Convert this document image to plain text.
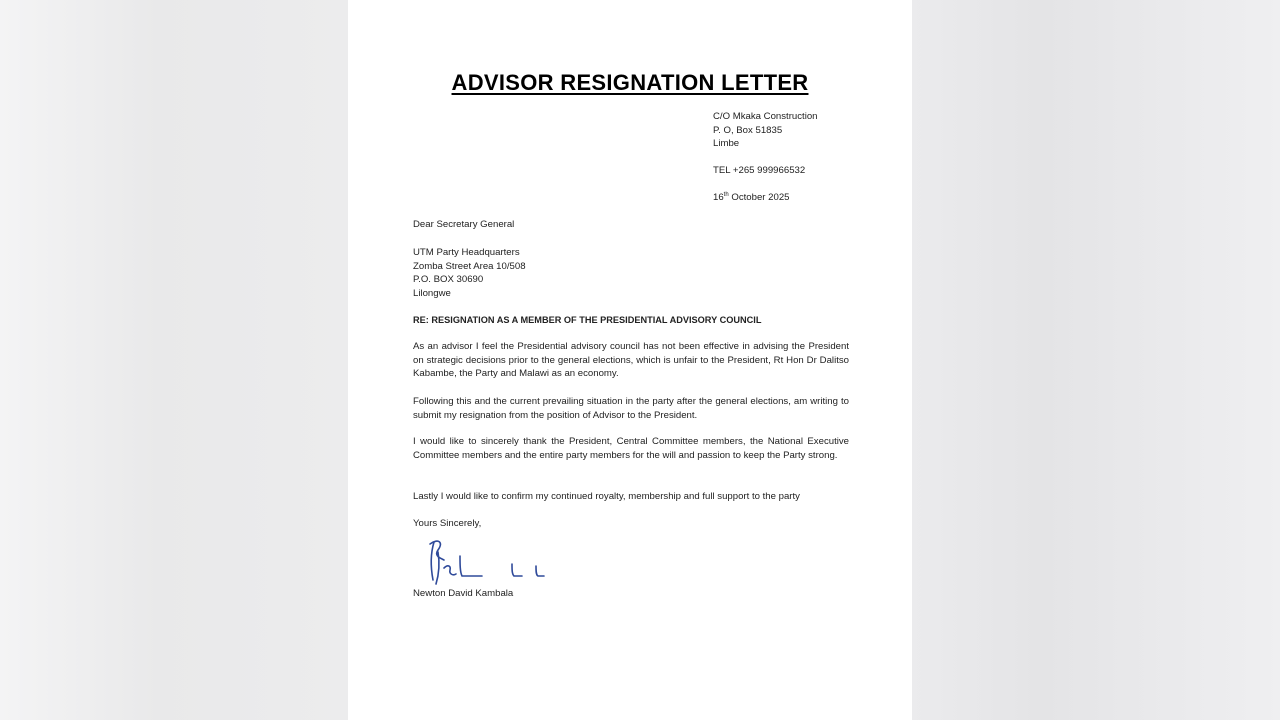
ADVISOR RESIGNATION LETTER
C/O Mkaka Construction
P. O, Box 51835
Limbe
TEL +265 999966532
16th October 2025
Dear Secretary General
UTM Party Headquarters
Zomba Street Area 10/508
P.O. BOX 30690
Lilongwe
RE: RESIGNATION AS A MEMBER OF THE PRESIDENTIAL ADVISORY COUNCIL
As an advisor I feel the Presidential advisory council has not been effective in advising the President on strategic decisions prior to the general elections, which is unfair to the President, Rt Hon Dr Dalitso Kabambe, the Party and Malawi as an economy.
Following this and the current prevailing situation in the party after the general elections, am writing to submit my resignation from the position of Advisor to the President.
I would like to sincerely thank the President, Central Committee members, the National Executive Committee members and the entire party members for the will and passion to keep the Party strong.
Lastly I would like to confirm my continued royalty, membership and full support to the party
Yours Sincerely,
Newton David Kambala
